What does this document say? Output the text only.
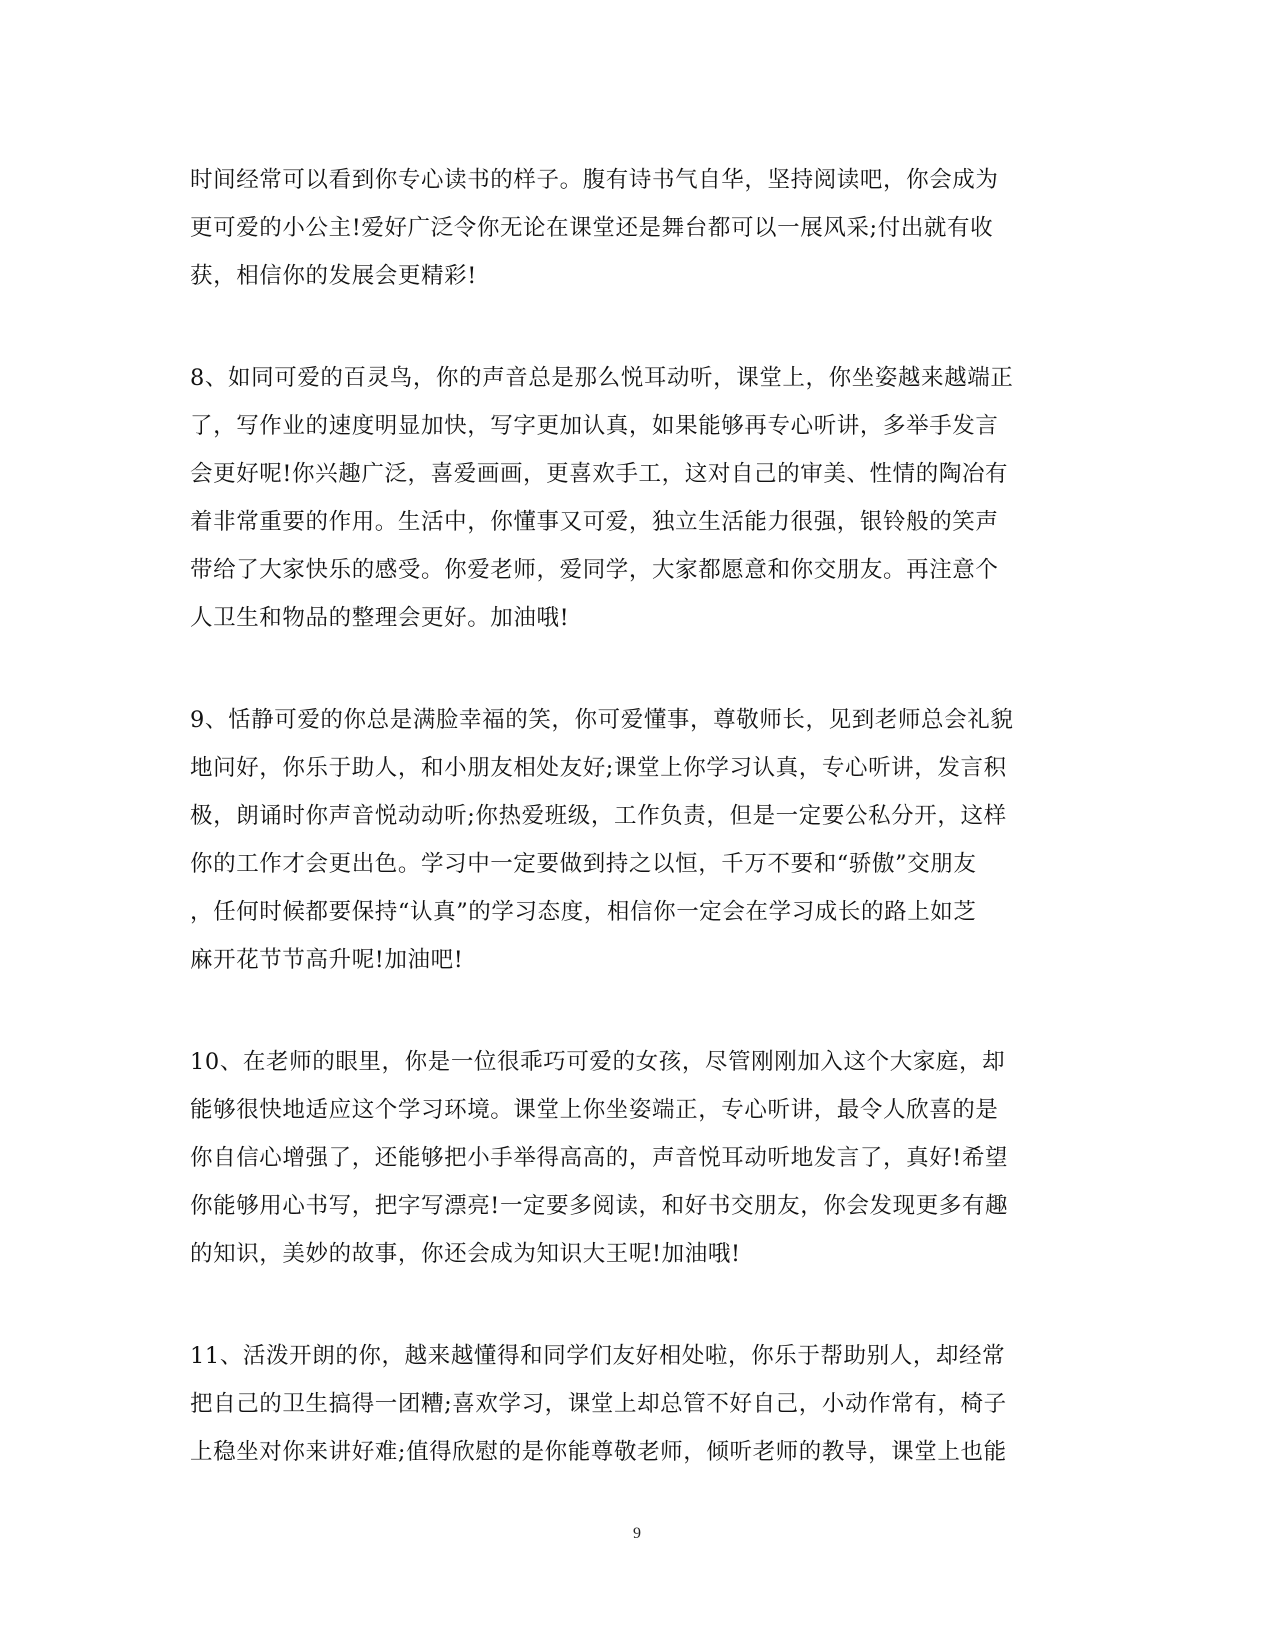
时间经常可以看到你专心读书的样子。腹有诗书气自华，坚持阅读吧，你会成为
更可爱的小公主!爱好广泛令你无论在课堂还是舞台都可以一展风采;付出就有收
获，相信你的发展会更精彩!

8、如同可爱的百灵鸟，你的声音总是那么悦耳动听，课堂上，你坐姿越来越端正
了，写作业的速度明显加快，写字更加认真，如果能够再专心听讲，多举手发言
会更好呢!你兴趣广泛，喜爱画画，更喜欢手工，这对自己的审美、性情的陶冶有
着非常重要的作用。生活中，你懂事又可爱，独立生活能力很强，银铃般的笑声
带给了大家快乐的感受。你爱老师，爱同学，大家都愿意和你交朋友。再注意个
人卫生和物品的整理会更好。加油哦!

9、恬静可爱的你总是满脸幸福的笑，你可爱懂事，尊敬师长，见到老师总会礼貌
地问好，你乐于助人，和小朋友相处友好;课堂上你学习认真，专心听讲，发言积
极，朗诵时你声音悦动动听;你热爱班级，工作负责，但是一定要公私分开，这样
你的工作才会更出色。学习中一定要做到持之以恒，千万不要和“骄傲”交朋友
，任何时候都要保持“认真”的学习态度，相信你一定会在学习成长的路上如芝
麻开花节节高升呢!加油吧!

10、在老师的眼里，你是一位很乖巧可爱的女孩，尽管刚刚加入这个大家庭，却
能够很快地适应这个学习环境。课堂上你坐姿端正，专心听讲，最令人欣喜的是
你自信心增强了，还能够把小手举得高高的，声音悦耳动听地发言了，真好!希望
你能够用心书写，把字写漂亮!一定要多阅读，和好书交朋友，你会发现更多有趣
的知识，美妙的故事，你还会成为知识大王呢!加油哦!

11、活泼开朗的你，越来越懂得和同学们友好相处啦，你乐于帮助别人，却经常
把自己的卫生搞得一团糟;喜欢学习，课堂上却总管不好自己，小动作常有，椅子
上稳坐对你来讲好难;值得欣慰的是你能尊敬老师，倾听老师的教导，课堂上也能

9
